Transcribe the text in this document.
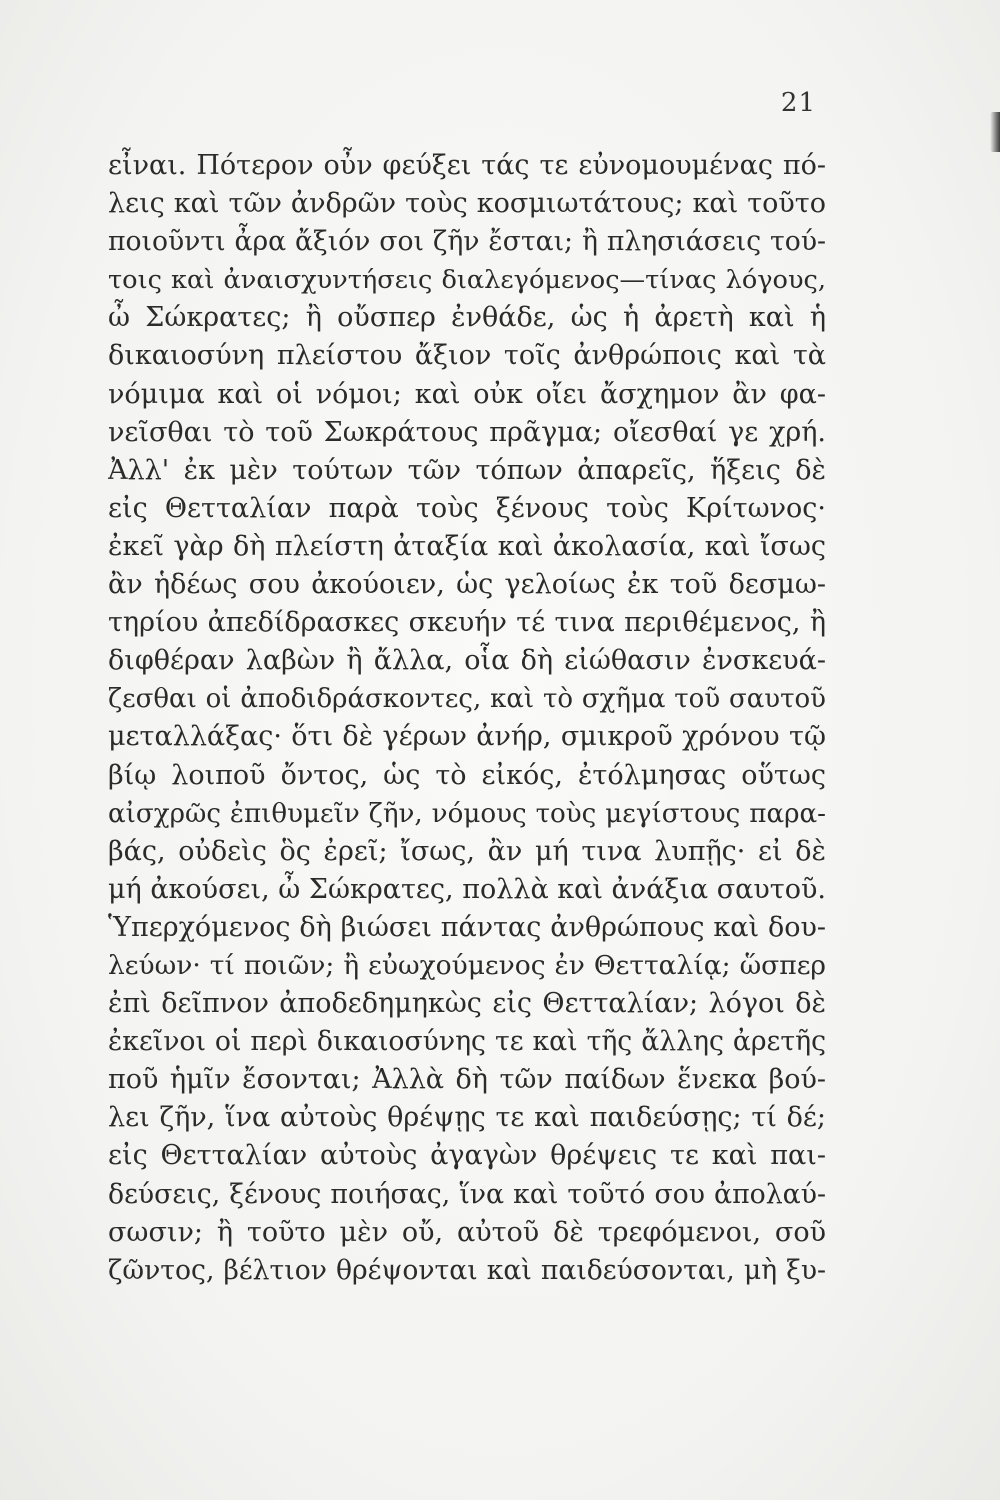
21
εἶναι. Πότερον οὖν φεύξει τάς τε εὐνομουμένας πό-
λεις καὶ τῶν ἀνδρῶν τοὺς κοσμιωτάτους; καὶ τοῦτο
ποιοῦντι ἆρα ἄξιόν σοι ζῆν ἔσται; ἢ πλησιάσεις τού-
τοις καὶ ἀναισχυντήσεις διαλεγόμενος—τίνας λόγους,
ὦ Σώκρατες; ἢ οὔσπερ ἐνθάδε, ὡς ἡ ἀρετὴ καὶ ἡ
δικαιοσύνη πλείστου ἄξιον τοῖς ἀνθρώποις καὶ τὰ
νόμιμα καὶ οἱ νόμοι; καὶ οὐκ οἴει ἄσχημον ἂν φα-
νεῖσθαι τὸ τοῦ Σωκράτους πρᾶγμα; οἴεσθαί γε χρή.
Ἀλλ' ἐκ μὲν τούτων τῶν τόπων ἀπαρεῖς, ἥξεις δὲ
εἰς Θετταλίαν παρὰ τοὺς ξένους τοὺς Κρίτωνος·
ἐκεῖ γὰρ δὴ πλείστη ἀταξία καὶ ἀκολασία, καὶ ἴσως
ἂν ἡδέως σου ἀκούοιεν, ὡς γελοίως ἐκ τοῦ δεσμω-
τηρίου ἀπεδίδρασκες σκευήν τέ τινα περιθέμενος, ἢ
διφθέραν λαβὼν ἢ ἄλλα, οἷα δὴ εἰώθασιν ἐνσκευά-
ζεσθαι οἱ ἀποδιδράσκοντες, καὶ τὸ σχῆμα τοῦ σαυτοῦ
μεταλλάξας· ὅτι δὲ γέρων ἀνήρ, σμικροῦ χρόνου τῷ
βίῳ λοιποῦ ὄντος, ὡς τὸ εἰκός, ἐτόλμησας οὕτως
αἰσχρῶς ἐπιθυμεῖν ζῆν, νόμους τοὺς μεγίστους παρα-
βάς, οὐδεὶς ὃς ἐρεῖ; ἴσως, ἂν μή τινα λυπῇς· εἰ δὲ
μή ἀκούσει, ὦ Σώκρατες, πολλὰ καὶ ἀνάξια σαυτοῦ.
Ὑπερχόμενος δὴ βιώσει πάντας ἀνθρώπους καὶ δου-
λεύων· τί ποιῶν; ἢ εὐωχούμενος ἐν Θετταλίᾳ; ὥσπερ
ἐπὶ δεῖπνον ἀποδεδημηκὼς εἰς Θετταλίαν; λόγοι δὲ
ἐκεῖνοι οἱ περὶ δικαιοσύνης τε καὶ τῆς ἄλλης ἀρετῆς
ποῦ ἡμῖν ἔσονται; Ἀλλὰ δὴ τῶν παίδων ἕνεκα βού-
λει ζῆν, ἵνα αὐτοὺς θρέψῃς τε καὶ παιδεύσῃς; τί δέ;
εἰς Θετταλίαν αὐτοὺς ἀγαγὼν θρέψεις τε καὶ παι-
δεύσεις, ξένους ποιήσας, ἵνα καὶ τοῦτό σου ἀπολαύ-
σωσιν; ἢ τοῦτο μὲν οὔ, αὐτοῦ δὲ τρεφόμενοι, σοῦ
ζῶντος, βέλτιον θρέψονται καὶ παιδεύσονται, μὴ ξυ-
